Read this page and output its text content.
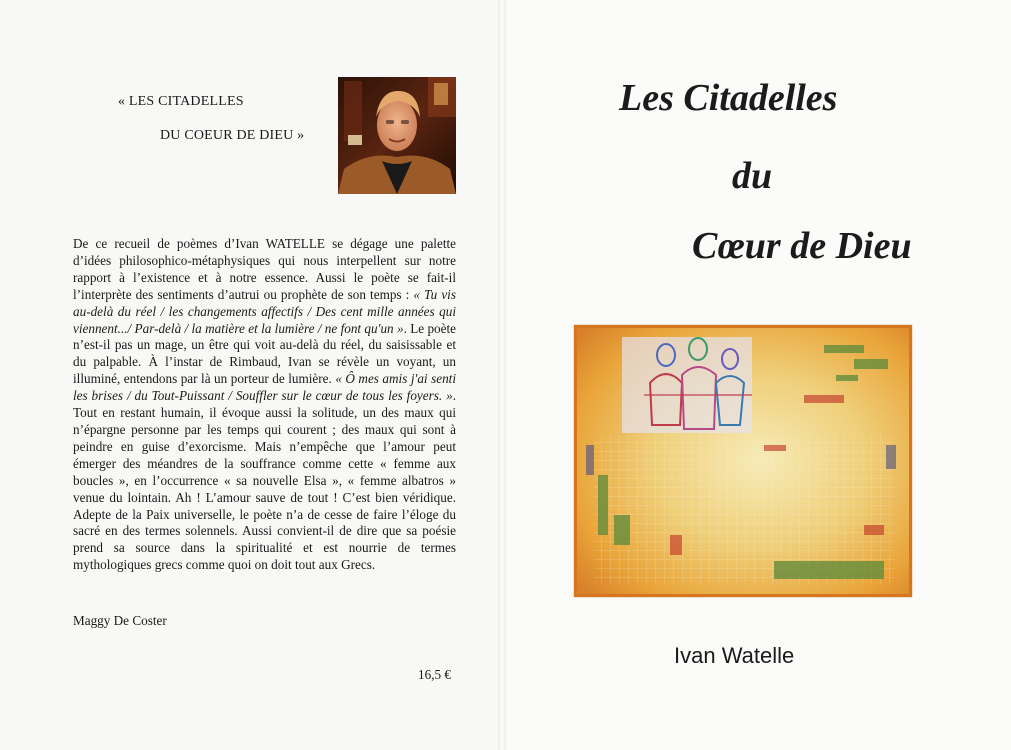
« LES CITADELLES
DU COEUR DE DIEU »

De ce recueil de poèmes d’Ivan WATELLE se dégage une palette d’idées philosophico-métaphysiques qui nous interpellent sur notre rapport à l’existence et à notre essence. Aussi le poète se fait-il l’interprète des sentiments d’autrui ou prophète de son temps : « Tu vis au-delà du réel / les changements affectifs / Des cent mille années qui viennent.../ Par-delà / la matière et la lumière / ne font qu'un ». Le poète n’est-il pas un mage, un être qui voit au-delà du réel, du saisissable et du palpable. À l’instar de Rimbaud, Ivan se révèle un voyant, un illuminé, entendons par là un porteur de lumière. « Ô mes amis j'ai senti les brises / du Tout-Puissant / Souffler sur le cœur de tous les foyers. ». Tout en restant humain, il évoque aussi la solitude, un des maux qui n’épargne personne par les temps qui courent ; des maux qui sont à peindre en guise d’exorcisme. Mais n’empêche que l’amour peut émerger des méandres de la souffrance comme cette « femme aux boucles », en l’occurrence « sa nouvelle Elsa », « femme albatros » venue du lointain. Ah ! L’amour sauve de tout ! C’est bien véridique. Adepte de la Paix universelle, le poète n’a de cesse de faire l’éloge du sacré en des termes solennels. Aussi convient-il de dire que sa poésie prend sa source dans la spiritualité et est nourrie de termes mythologiques grecs comme quoi on doit tout aux Grecs.

Maggy De Coster
16,5 €
Les Citadelles
du
Cœur de Dieu
Ivan Watelle
